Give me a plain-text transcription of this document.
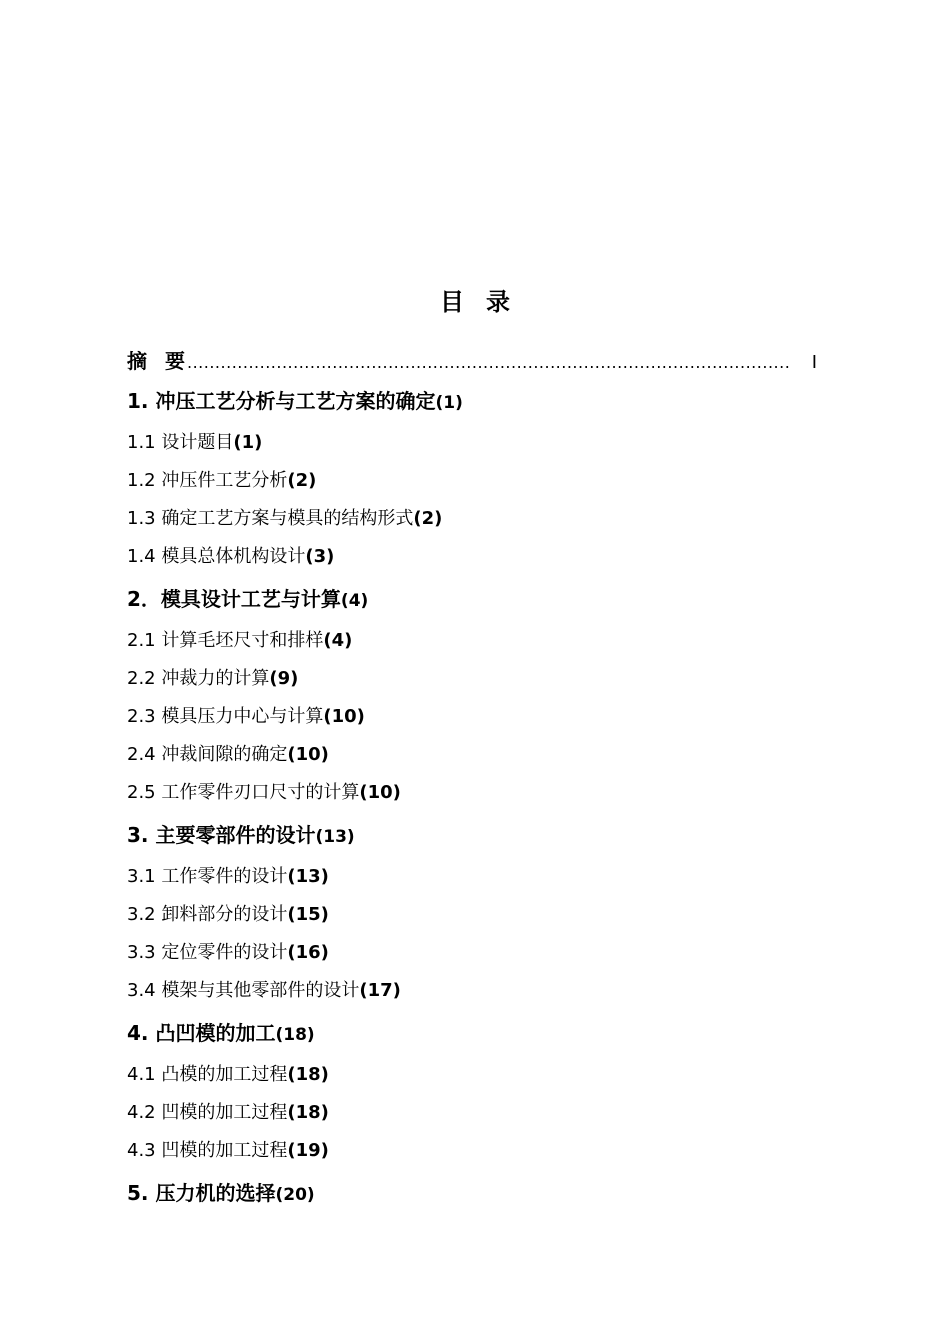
目 录
摘 要 ............................................................................................................	I
1. 冲压工艺分析与工艺方案的确定(1)
1.1 设计题目(1)
1.2 冲压件工艺分析(2)
1.3 确定工艺方案与模具的结构形式(2)
1.4 模具总体机构设计(3)
2．模具设计工艺与计算(4)
2.1 计算毛坯尺寸和排样(4)
2.2 冲裁力的计算(9)
2.3 模具压力中心与计算(10)
2.4 冲裁间隙的确定(10)
2.5 工作零件刃口尺寸的计算(10)
3. 主要零部件的设计(13)
3.1 工作零件的设计(13)
3.2 卸料部分的设计(15)
3.3 定位零件的设计(16)
3.4 模架与其他零部件的设计(17)
4. 凸凹模的加工(18)
4.1 凸模的加工过程(18)
4.2 凹模的加工过程(18)
4.3 凹模的加工过程(19)
5. 压力机的选择(20)
